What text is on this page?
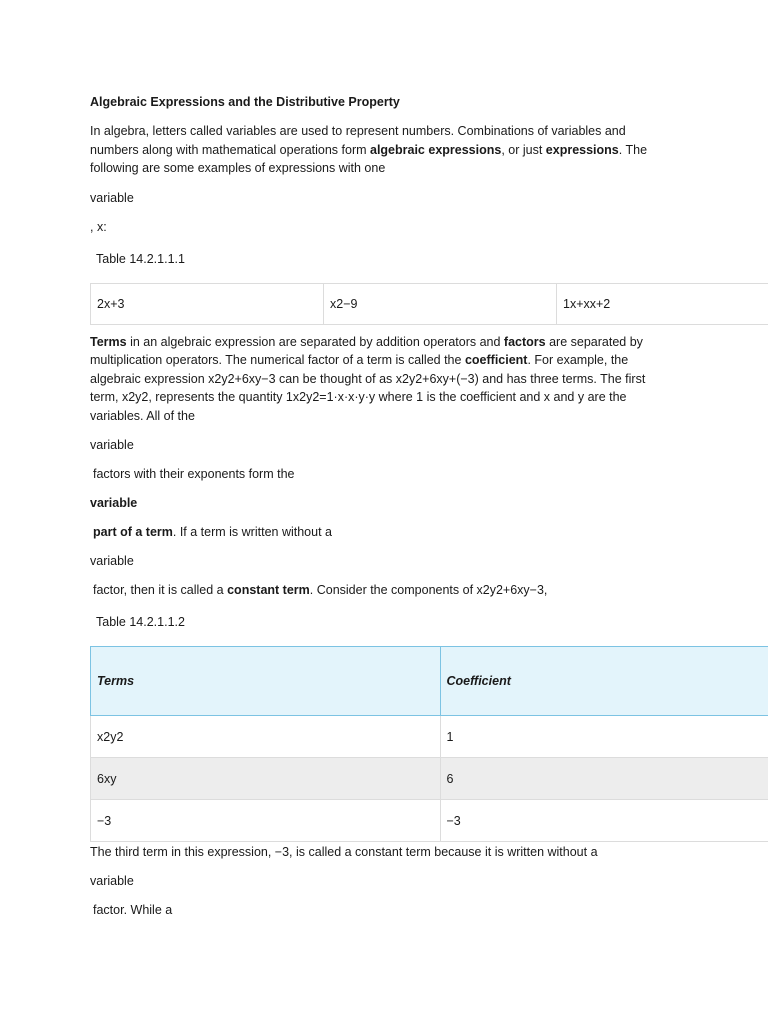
Algebraic Expressions and the Distributive Property

In algebra, letters called variables are used to represent numbers. Combinations of variables and numbers along with mathematical operations form algebraic expressions, or just expressions. The following are some examples of expressions with one

variable

, x:

Table 14.2.1.1.1

2x+3	x2−9	1x+xx+2

Terms in an algebraic expression are separated by addition operators and factors are separated by multiplication operators. The numerical factor of a term is called the coefficient. For example, the algebraic expression x2y2+6xy−3 can be thought of as x2y2+6xy+(−3) and has three terms. The first term, x2y2, represents the quantity 1x2y2=1·x·x·y·y where 1 is the coefficient and x and y are the variables. All of the

variable

factors with their exponents form the

variable

part of a term. If a term is written without a

variable

factor, then it is called a constant term. Consider the components of x2y2+6xy−3,

Table 14.2.1.1.2

Terms	Coefficient
x2y2	1
6xy	6
−3	−3

The third term in this expression, −3, is called a constant term because it is written without a

variable

factor. While a
